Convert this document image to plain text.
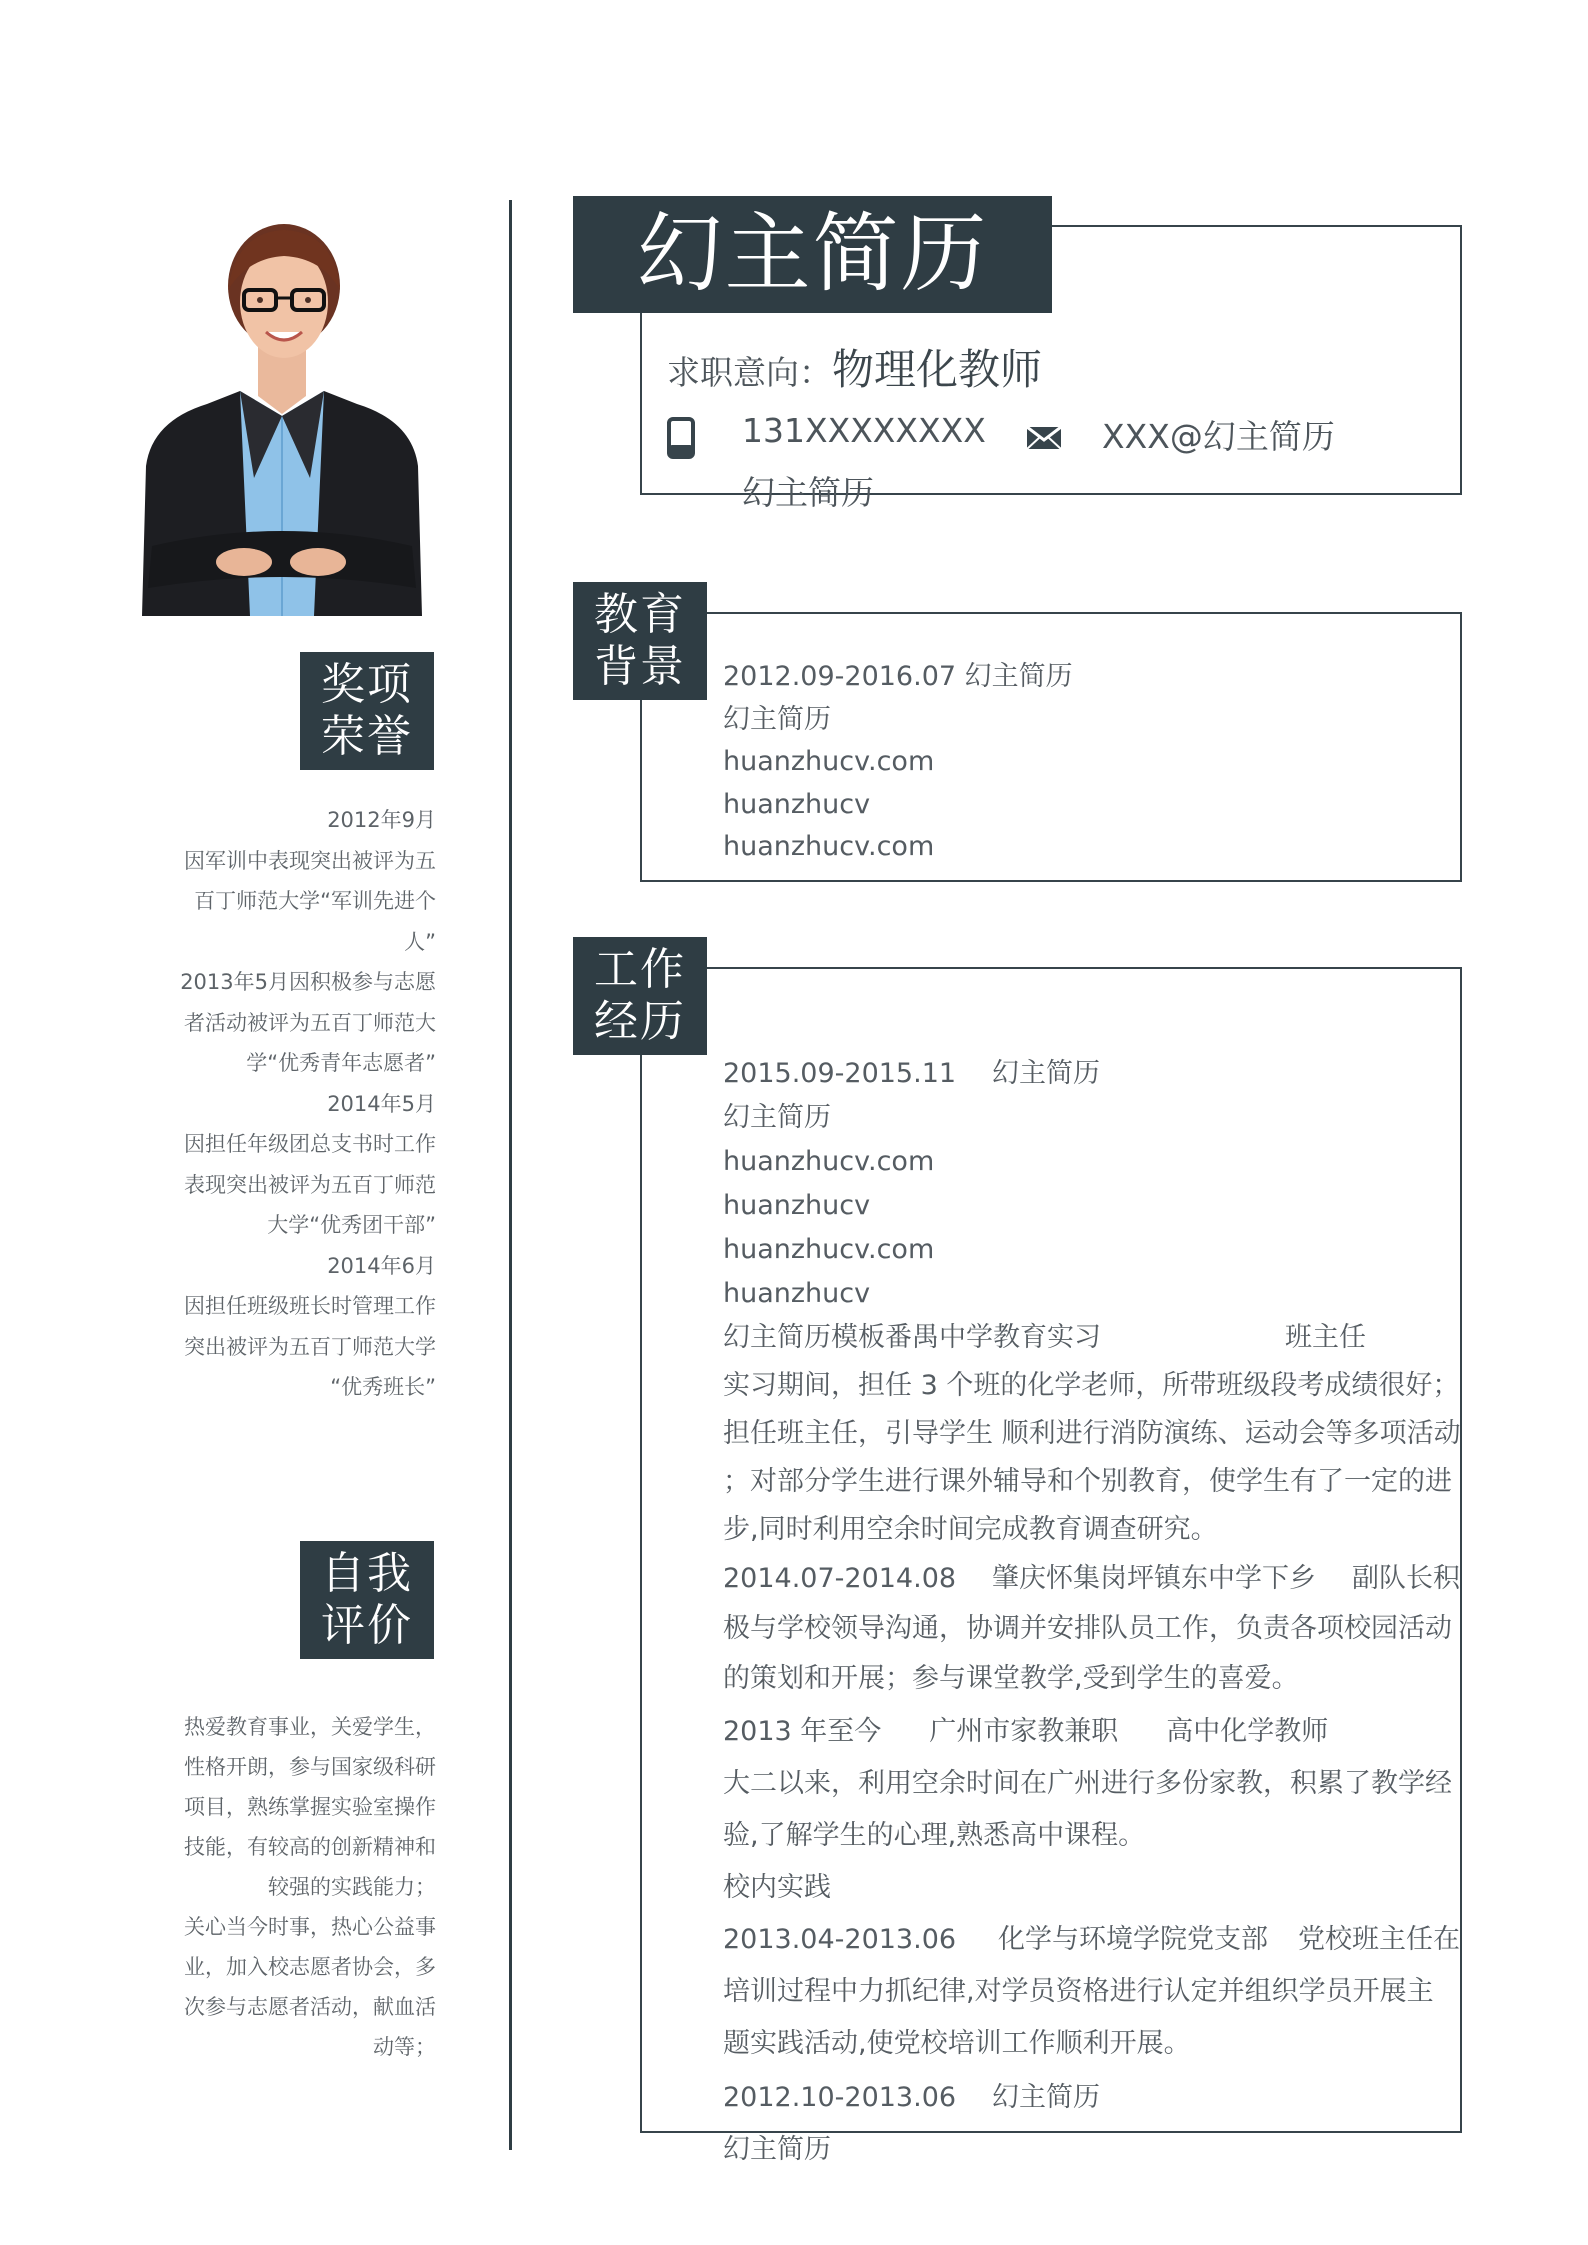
奖项
荣誉

2012年9月

因军训中表现突出被评为五

百丁师范大学“军训先进个

人”

2013年5月因积极参与志愿

者活动被评为五百丁师范大

学“优秀青年志愿者”

2014年5月

因担任年级团总支书时工作

表现突出被评为五百丁师范

大学“优秀团干部”

2014年6月

因担任班级班长时管理工作

突出被评为五百丁师范大学

“优秀班长”

自我
评价

热爱教育事业，关爱学生，

性格开朗，参与国家级科研

项目，熟练掌握实验室操作

技能，有较高的创新精神和

较强的实践能力；

关心当今时事，热心公益事

业，加入校志愿者协会，多

次参与志愿者活动，献血活

动等；

求职意向：物理化教师
131XXXXXXXX	XXX@幻主简历
幻主简历
幻主简历
教育
背景 2012.09-2016.07 幻主简历

幻主简历

huanzhucv.com

huanzhucv

huanzhucv.com

工作
经历

2015.09-2015.11 幻主简历

幻主简历

huanzhucv.com

huanzhucv

huanzhucv.com

huanzhucv

幻主简历模板番禺中学教育实习	班主任

实习期间，担任 3 个班的化学老师，所带班级段考成绩很好；

担任班主任，引导学生 顺利进行消防演练、运动会等多项活动

；对部分学生进行课外辅导和个别教育，使学生有了一定的进

步,同时利用空余时间完成教育调查研究。

2014.07-2014.08 肇庆怀集岗坪镇东中学下乡 副队长积

极与学校领导沟通，协调并安排队员工作，负责各项校园活动

的策划和开展；参与课堂教学,受到学生的喜爱。

2013 年至今 广州市家教兼职 高中化学教师

大二以来，利用空余时间在广州进行多份家教，积累了教学经

验,了解学生的心理,熟悉高中课程。

校内实践

2013.04-2013.06 化学与环境学院党支部 党校班主任在

培训过程中力抓纪律,对学员资格进行认定并组织学员开展主

题实践活动,使党校培训工作顺利开展。

2012.10-2013.06 幻主简历

幻主简历
